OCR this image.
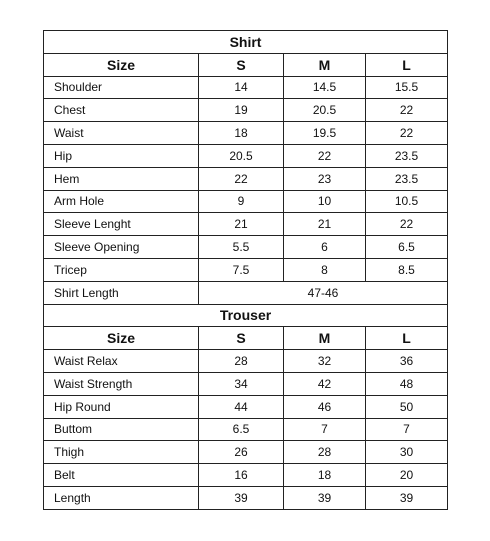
Shirt			
Size	S	M	L
Shoulder	14	14.5	15.5
Chest	19	20.5	22
Waist	18	19.5	22
Hip	20.5	22	23.5
Hem	22	23	23.5
Arm Hole	9	10	10.5
Sleeve Lenght	21	21	22
Sleeve Opening	5.5	6	6.5
Tricep	7.5	8	8.5
Shirt Length	47-46		
Trouser			
Size	S	M	L
Waist Relax	28	32	36
Waist Strength	34	42	48
Hip Round	44	46	50
Buttom	6.5	7	7
Thigh	26	28	30
Belt	16	18	20
Length	39	39	39
